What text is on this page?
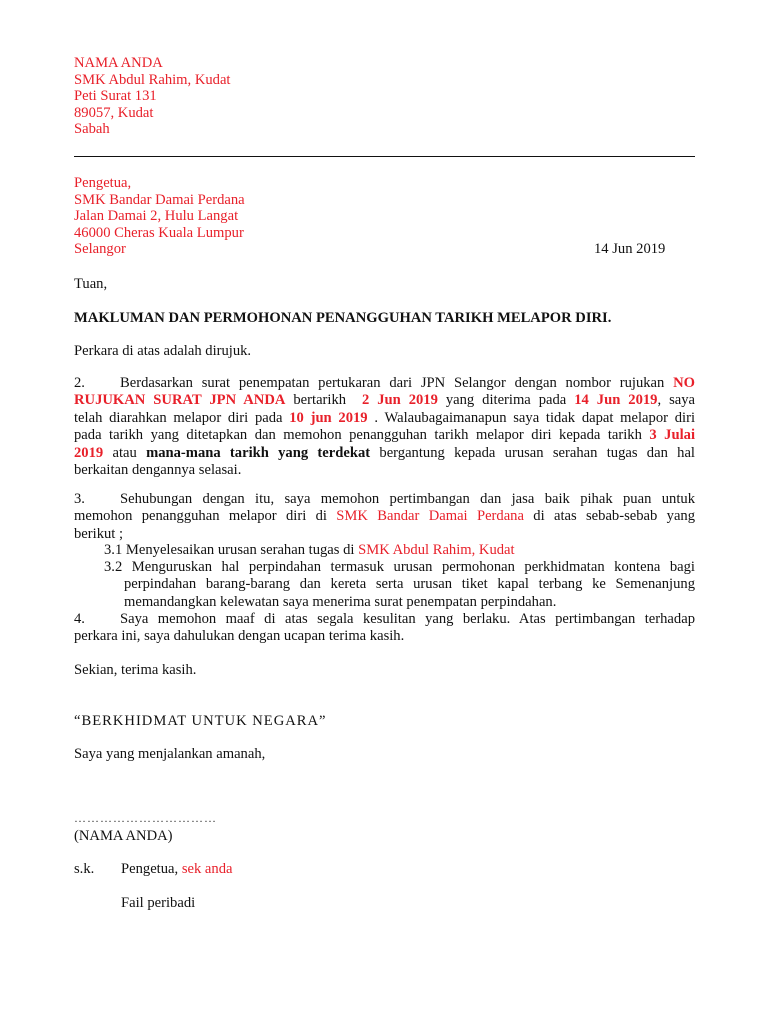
NAMA ANDA
SMK Abdul Rahim, Kudat
Peti Surat 131
89057, Kudat
Sabah
Pengetua,
SMK Bandar Damai Perdana
Jalan Damai 2, Hulu Langat
46000 Cheras Kuala Lumpur
Selangor	14 Jun 2019
Tuan,
MAKLUMAN DAN PERMOHONAN PENANGGUHAN TARIKH MELAPOR DIRI.
Perkara di atas adalah dirujuk.
2. Berdasarkan surat penempatan pertukaran dari JPN Selangor dengan nombor rujukan NO
RUJUKAN SURAT JPN ANDA bertarikh 2 Jun 2019 yang diterima pada 14 Jun 2019, saya
telah diarahkan melapor diri pada 10 jun 2019 . Walaubagaimanapun saya tidak dapat melapor diri
pada tarikh yang ditetapkan dan memohon penangguhan tarikh melapor diri kepada tarikh 3 Julai
2019 atau mana-mana tarikh yang terdekat bergantung kepada urusan serahan tugas dan hal
berkaitan dengannya selasai.
3. Sehubungan dengan itu, saya memohon pertimbangan dan jasa baik pihak puan untuk
memohon penangguhan melapor diri di SMK Bandar Damai Perdana di atas sebab-sebab yang
berikut ;
3.1 Menyelesaikan urusan serahan tugas di SMK Abdul Rahim, Kudat
3.2 Menguruskan hal perpindahan termasuk urusan permohonan perkhidmatan kontena bagi
perpindahan barang-barang dan kereta serta urusan tiket kapal terbang ke Semenanjung
memandangkan kelewatan saya menerima surat penempatan perpindahan.
4. Saya memohon maaf di atas segala kesulitan yang berlaku. Atas pertimbangan terhadap
perkara ini, saya dahulukan dengan ucapan terima kasih.
Sekian, terima kasih.
“BERKHIDMAT UNTUK NEGARA”
Saya yang menjalankan amanah,
……………………………
(NAMA ANDA)
s.k. Pengetua, sek anda
Fail peribadi
